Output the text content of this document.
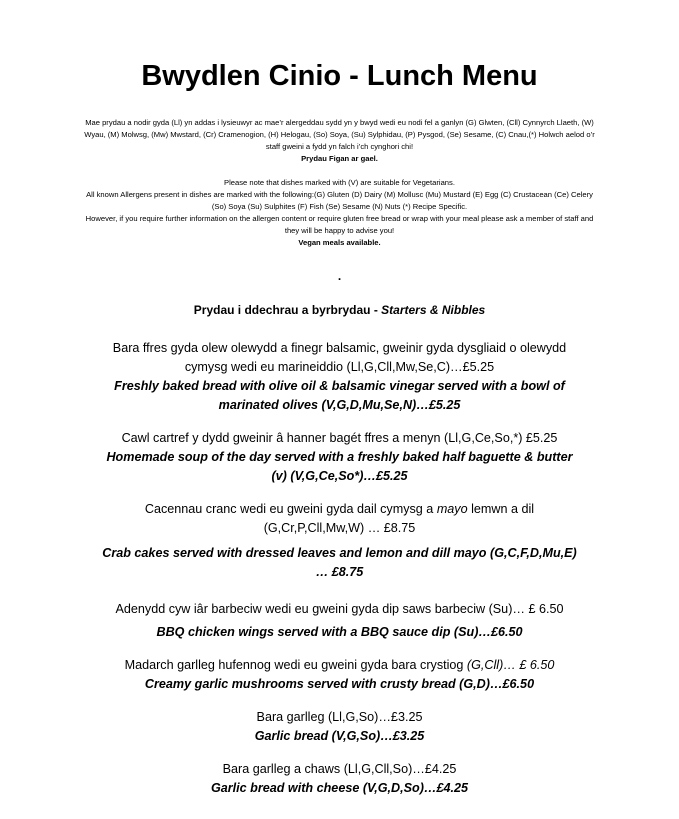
Bwydlen Cinio - Lunch Menu
Mae prydau a nodir gyda (Ll) yn addas i lysieuwyr ac mae’r alergeddau sydd yn y bwyd wedi eu nodi fel a ganlyn (G) Glwten, (Cll) Cynnyrch Llaeth, (W) Wyau, (M) Molwsg, (Mw) Mwstard, (Cr) Cramenogion, (H) Helogau, (So) Soya, (Su) Sylphidau, (P) Pysgod, (Se) Sesame, (C) Cnau,(*) Holwch aelod o’r staff gweini a fydd yn falch i’ch cynghori chi!
Prydau Figan ar gael.
Please note that dishes marked with (V) are suitable for Vegetarians.
All known Allergens present in dishes are marked with the following:(G) Gluten (D) Dairy (M) Mollusc (Mu) Mustard (E) Egg (C) Crustacean (Ce) Celery (So) Soya (Su) Sulphites (F) Fish (Se) Sesame (N) Nuts (*) Recipe Specific.
However, if you require further information on the allergen content or require gluten free bread or wrap with your meal please ask a member of staff and they will be happy to advise you!
Vegan meals available.
.
Prydau i ddechrau a byrbrydau - Starters & Nibbles
Bara ffres gyda olew olewydd a finegr balsamic, gweinir gyda dysgliaid o olewydd cymysg wedi eu marineiddio (Ll,G,Cll,Mw,Se,C)…£5.25
Freshly baked bread with olive oil & balsamic vinegar served with a bowl of marinated olives (V,G,D,Mu,Se,N)…£5.25
Cawl cartref y dydd gweinir â hanner bagét ffres a menyn (Ll,G,Ce,So,*) £5.25
Homemade soup of the day served with a freshly baked half baguette & butter (v) (V,G,Ce,So*)…£5.25
Cacennau cranc wedi eu gweini gyda dail cymysg a mayo lemwn a dil (G,Cr,P,Cll,Mw,W) … £8.75
Crab cakes served with dressed leaves and lemon and dill mayo (G,C,F,D,Mu,E) … £8.75
Adenydd cyw iâr barbeciw wedi eu gweini gyda dip saws barbeciw (Su)… £ 6.50
BBQ chicken wings served with a BBQ sauce dip (Su)…£6.50
Madarch garlleg hufennog wedi eu gweini gyda bara crystiog (G,Cll)… £ 6.50
Creamy garlic mushrooms served with crusty bread (G,D)…£6.50
Bara garlleg (Ll,G,So)…£3.25
Garlic bread (V,G,So)…£3.25
Bara garlleg a chaws (Ll,G,Cll,So)…£4.25
Garlic bread with cheese (V,G,D,So)…£4.25
